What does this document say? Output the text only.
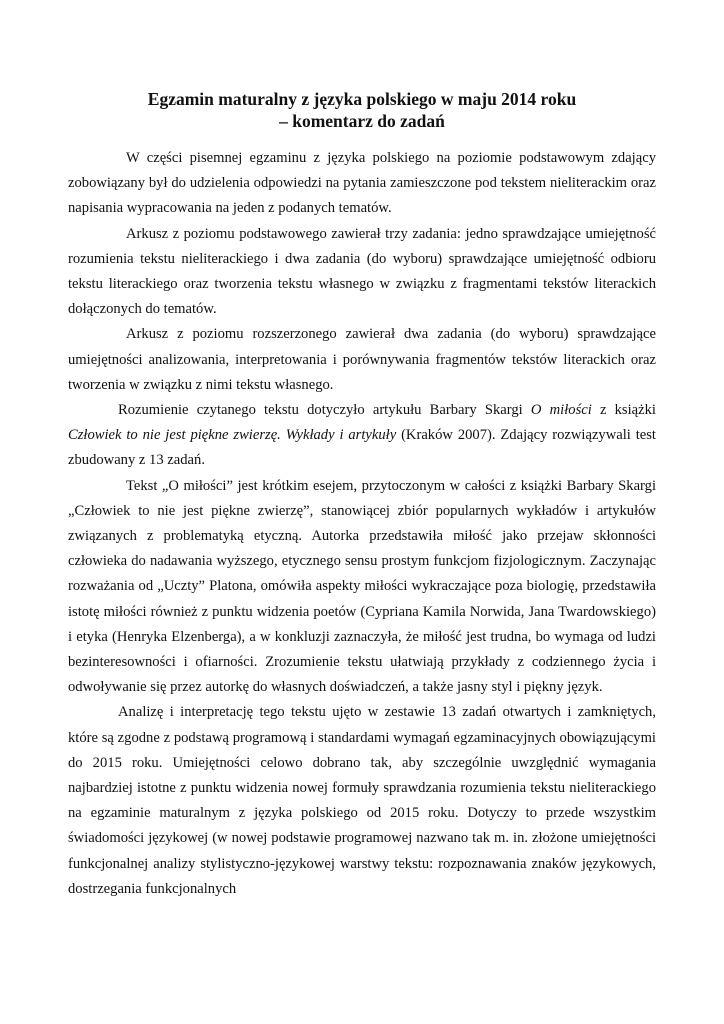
Egzamin maturalny z języka polskiego w maju 2014 roku
– komentarz do zadań

W części pisemnej egzaminu z języka polskiego na poziomie podstawowym zdający zobowiązany był do udzielenia odpowiedzi na pytania zamieszczone pod tekstem nieliterackim oraz napisania wypracowania na jeden z podanych tematów.

Arkusz z poziomu podstawowego zawierał trzy zadania: jedno sprawdzające umiejętność rozumienia tekstu nieliterackiego i dwa zadania (do wyboru) sprawdzające umiejętność odbioru tekstu literackiego oraz tworzenia tekstu własnego w związku z fragmentami tekstów literackich dołączonych do tematów.

Arkusz z poziomu rozszerzonego zawierał dwa zadania (do wyboru) sprawdzające umiejętności analizowania, interpretowania i porównywania fragmentów tekstów literackich oraz tworzenia w związku z nimi tekstu własnego.

Rozumienie czytanego tekstu dotyczyło artykułu Barbary Skargi O miłości z książki Człowiek to nie jest piękne zwierzę. Wykłady i artykuły (Kraków 2007). Zdający rozwiązywali test zbudowany z 13 zadań.

Tekst „O miłości” jest krótkim esejem, przytoczonym w całości z książki Barbary Skargi „Człowiek to nie jest piękne zwierzę”, stanowiącej zbiór popularnych wykładów i artykułów związanych z problematyką etyczną. Autorka przedstawiła miłość jako przejaw skłonności człowieka do nadawania wyższego, etycznego sensu prostym funkcjom fizjologicznym. Zaczynając rozważania od „Uczty” Platona, omówiła aspekty miłości wykraczające poza biologię, przedstawiła istotę miłości również z punktu widzenia poetów (Cypriana Kamila Norwida, Jana Twardowskiego) i etyka (Henryka Elzenberga), a w konkluzji zaznaczyła, że miłość jest trudna, bo wymaga od ludzi bezinteresowności i ofiarności. Zrozumienie tekstu ułatwiają przykłady z codziennego życia i odwoływanie się przez autorkę do własnych doświadczeń, a także jasny styl i piękny język.

Analizę i interpretację tego tekstu ujęto w zestawie 13 zadań otwartych i zamkniętych, które są zgodne z podstawą programową i standardami wymagań egzaminacyjnych obowiązującymi do 2015 roku. Umiejętności celowo dobrano tak, aby szczególnie uwzględnić wymagania najbardziej istotne z punktu widzenia nowej formuły sprawdzania rozumienia tekstu nieliterackiego na egzaminie maturalnym z języka polskiego od 2015 roku. Dotyczy to przede wszystkim świadomości językowej (w nowej podstawie programowej nazwano tak m. in. złożone umiejętności funkcjonalnej analizy stylistyczno-językowej warstwy tekstu: rozpoznawania znaków językowych, dostrzegania funkcjonalnych
